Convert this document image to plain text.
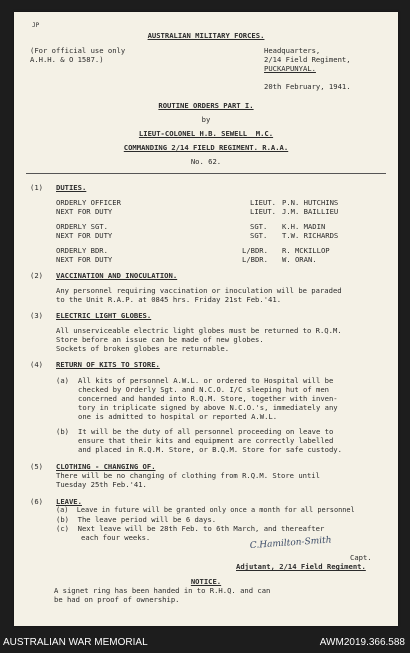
JP
AUSTRALIAN MILITARY FORCES.
(For official use only
A.H.H. & O 1587.)
Headquarters,
2/14 Field Regiment,
PUCKAPUNYAL.
20th February, 1941.
ROUTINE ORDERS PART I.
by
LIEUT-COLONEL H.B. SEWELL  M.C.
COMMANDING 2/14 FIELD REGIMENT. R.A.A.
No. 62.
(1) DUTIES.
ORDERLY OFFICER	LIEUT. P.N. HUTCHINS
NEXT FOR DUTY	LIEUT. J.M. BAILLIEU
ORDERLY SGT.	SGT. K.H. MADIN
NEXT FOR DUTY	SGT. T.W. RICHARDS
ORDERLY BDR.	L/BDR. R. MCKILLOP
NEXT FOR DUTY	L/BDR. W. ORAN.
(2) VACCINATION AND INOCULATION.
Any personnel requiring vaccination or inoculation will be paraded
to the Unit R.A.P. at 0845 hrs. Friday 21st Feb.'41.
(3) ELECTRIC LIGHT GLOBES.
All unserviceable electric light globes must be returned to R.Q.M.
Store before an issue can be made of new globes.
Sockets of broken globes are returnable.
(4) RETURN OF KITS TO STORE.
(a) All kits of personnel A.W.L. or ordered to Hospital will be
checked by Orderly Sgt. and N.C.O. I/C sleeping hut of men
concerned and handed into R.Q.M. Store, together with inven-
tory in triplicate signed by above N.C.O.'s, immediately any
one is admitted to hospital or reported A.W.L.
(b) It will be the duty of all personnel proceeding on leave to
ensure that their kits and equipment are correctly labelled
and placed in R.Q.M. Store, or B.Q.M. Store for safe custody.
(5) CLOTHING - CHANGING OF.
There will be no changing of clothing from R.Q.M. Store until
Tuesday 25th Feb.'41.
(6) LEAVE.
(a)  Leave in future will be granted only once a month for all personnel
(b)  The leave period will be 6 days.
(c)  Next leave will be 28th Feb. to 6th March, and thereafter
each four weeks.	C.Hamilton-Smith
Capt.
Adjutant, 2/14 Field Regiment.
NOTICE.
A signet ring has been handed in to R.H.Q. and can
be had on proof of ownership.
AUSTRALIAN WAR MEMORIAL	AWM2019.366.588
